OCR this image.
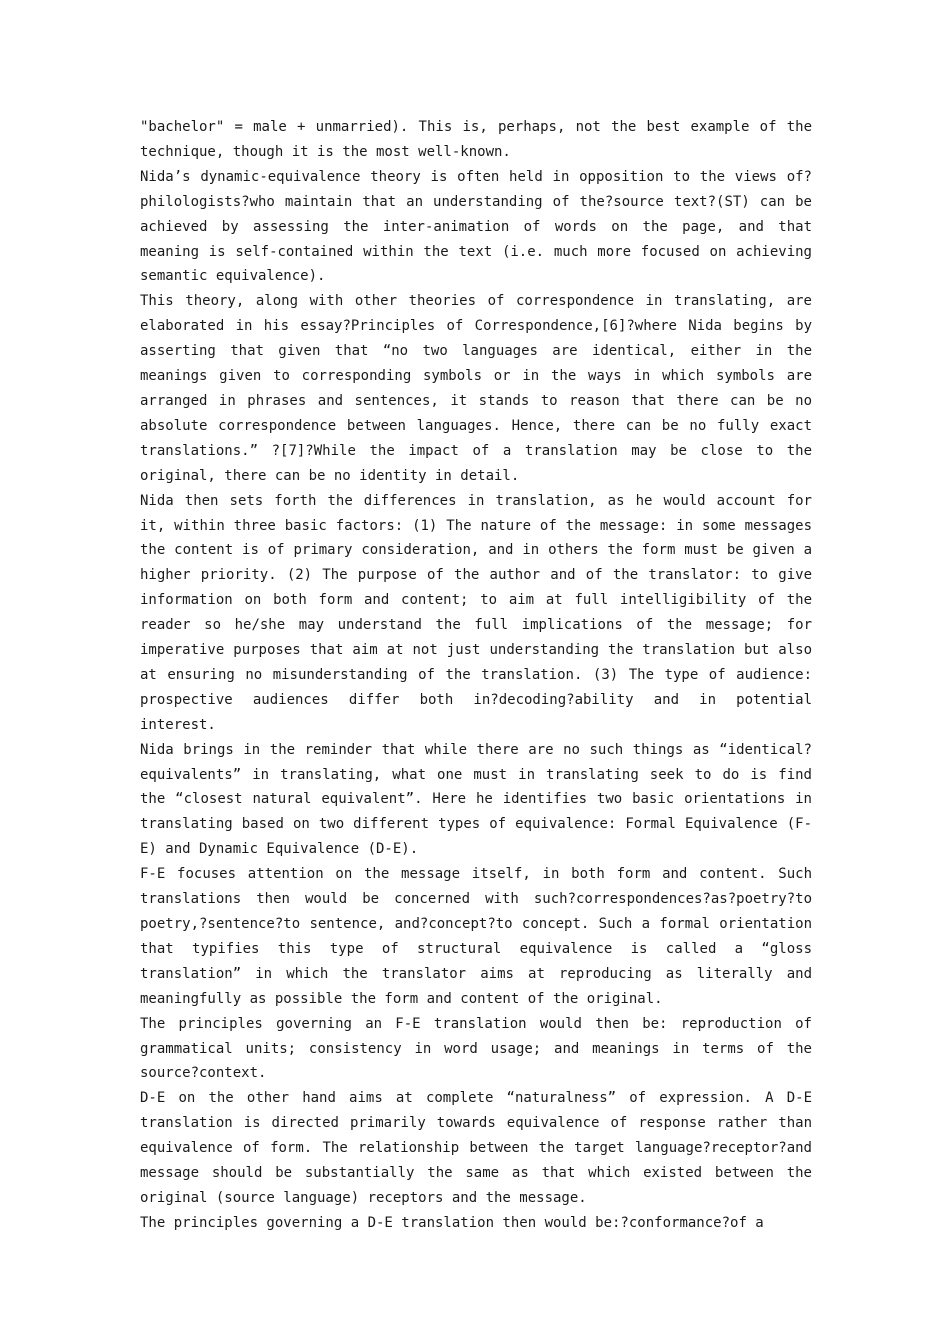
"bachelor" = male + unmarried). This is, perhaps, not the best example of the technique, though it is the most well-known.

Nida’s dynamic-equivalence theory is often held in opposition to the views of?philologists?who maintain that an understanding of the?source text?(ST) can be achieved by assessing the inter-animation of words on the page, and that meaning is self-contained within the text (i.e. much more focused on achieving semantic equivalence).

This theory, along with other theories of correspondence in translating, are elaborated in his essay?Principles of Correspondence,[6]?where Nida begins by asserting that given that “no two languages are identical, either in the meanings given to corresponding symbols or in the ways in which symbols are arranged in phrases and sentences, it stands to reason that there can be no absolute correspondence between languages. Hence, there can be no fully exact translations.” ?[7]?While the impact of a translation may be close to the original, there can be no identity in detail.

Nida then sets forth the differences in translation, as he would account for it, within three basic factors: (1) The nature of the message: in some messages the content is of primary consideration, and in others the form must be given a higher priority. (2) The purpose of the author and of the translator: to give information on both form and content; to aim at full intelligibility of the reader so he/she may understand the full implications of the message; for imperative purposes that aim at not just understanding the translation but also at ensuring no misunderstanding of the translation. (3) The type of audience: prospective audiences differ both in?decoding?ability and in potential interest.

Nida brings in the reminder that while there are no such things as “identical?equivalents” in translating, what one must in translating seek to do is find the “closest natural equivalent”. Here he identifies two basic orientations in translating based on two different types of equivalence: Formal Equivalence (F-E) and Dynamic Equivalence (D-E).

F-E focuses attention on the message itself, in both form and content. Such translations then would be concerned with such?correspondences?as?poetry?to poetry,?sentence?to sentence, and?concept?to concept. Such a formal orientation that typifies this type of structural equivalence is called a “gloss translation” in which the translator aims at reproducing as literally and meaningfully as possible the form and content of the original.

The principles governing an F-E translation would then be: reproduction of grammatical units; consistency in word usage; and meanings in terms of the source?context.

D-E on the other hand aims at complete “naturalness” of expression. A D-E translation is directed primarily towards equivalence of response rather than equivalence of form. The relationship between the target language?receptor?and message should be substantially the same as that which existed between the original (source language) receptors and the message.

The principles governing a D-E translation then would be:?conformance?of a
